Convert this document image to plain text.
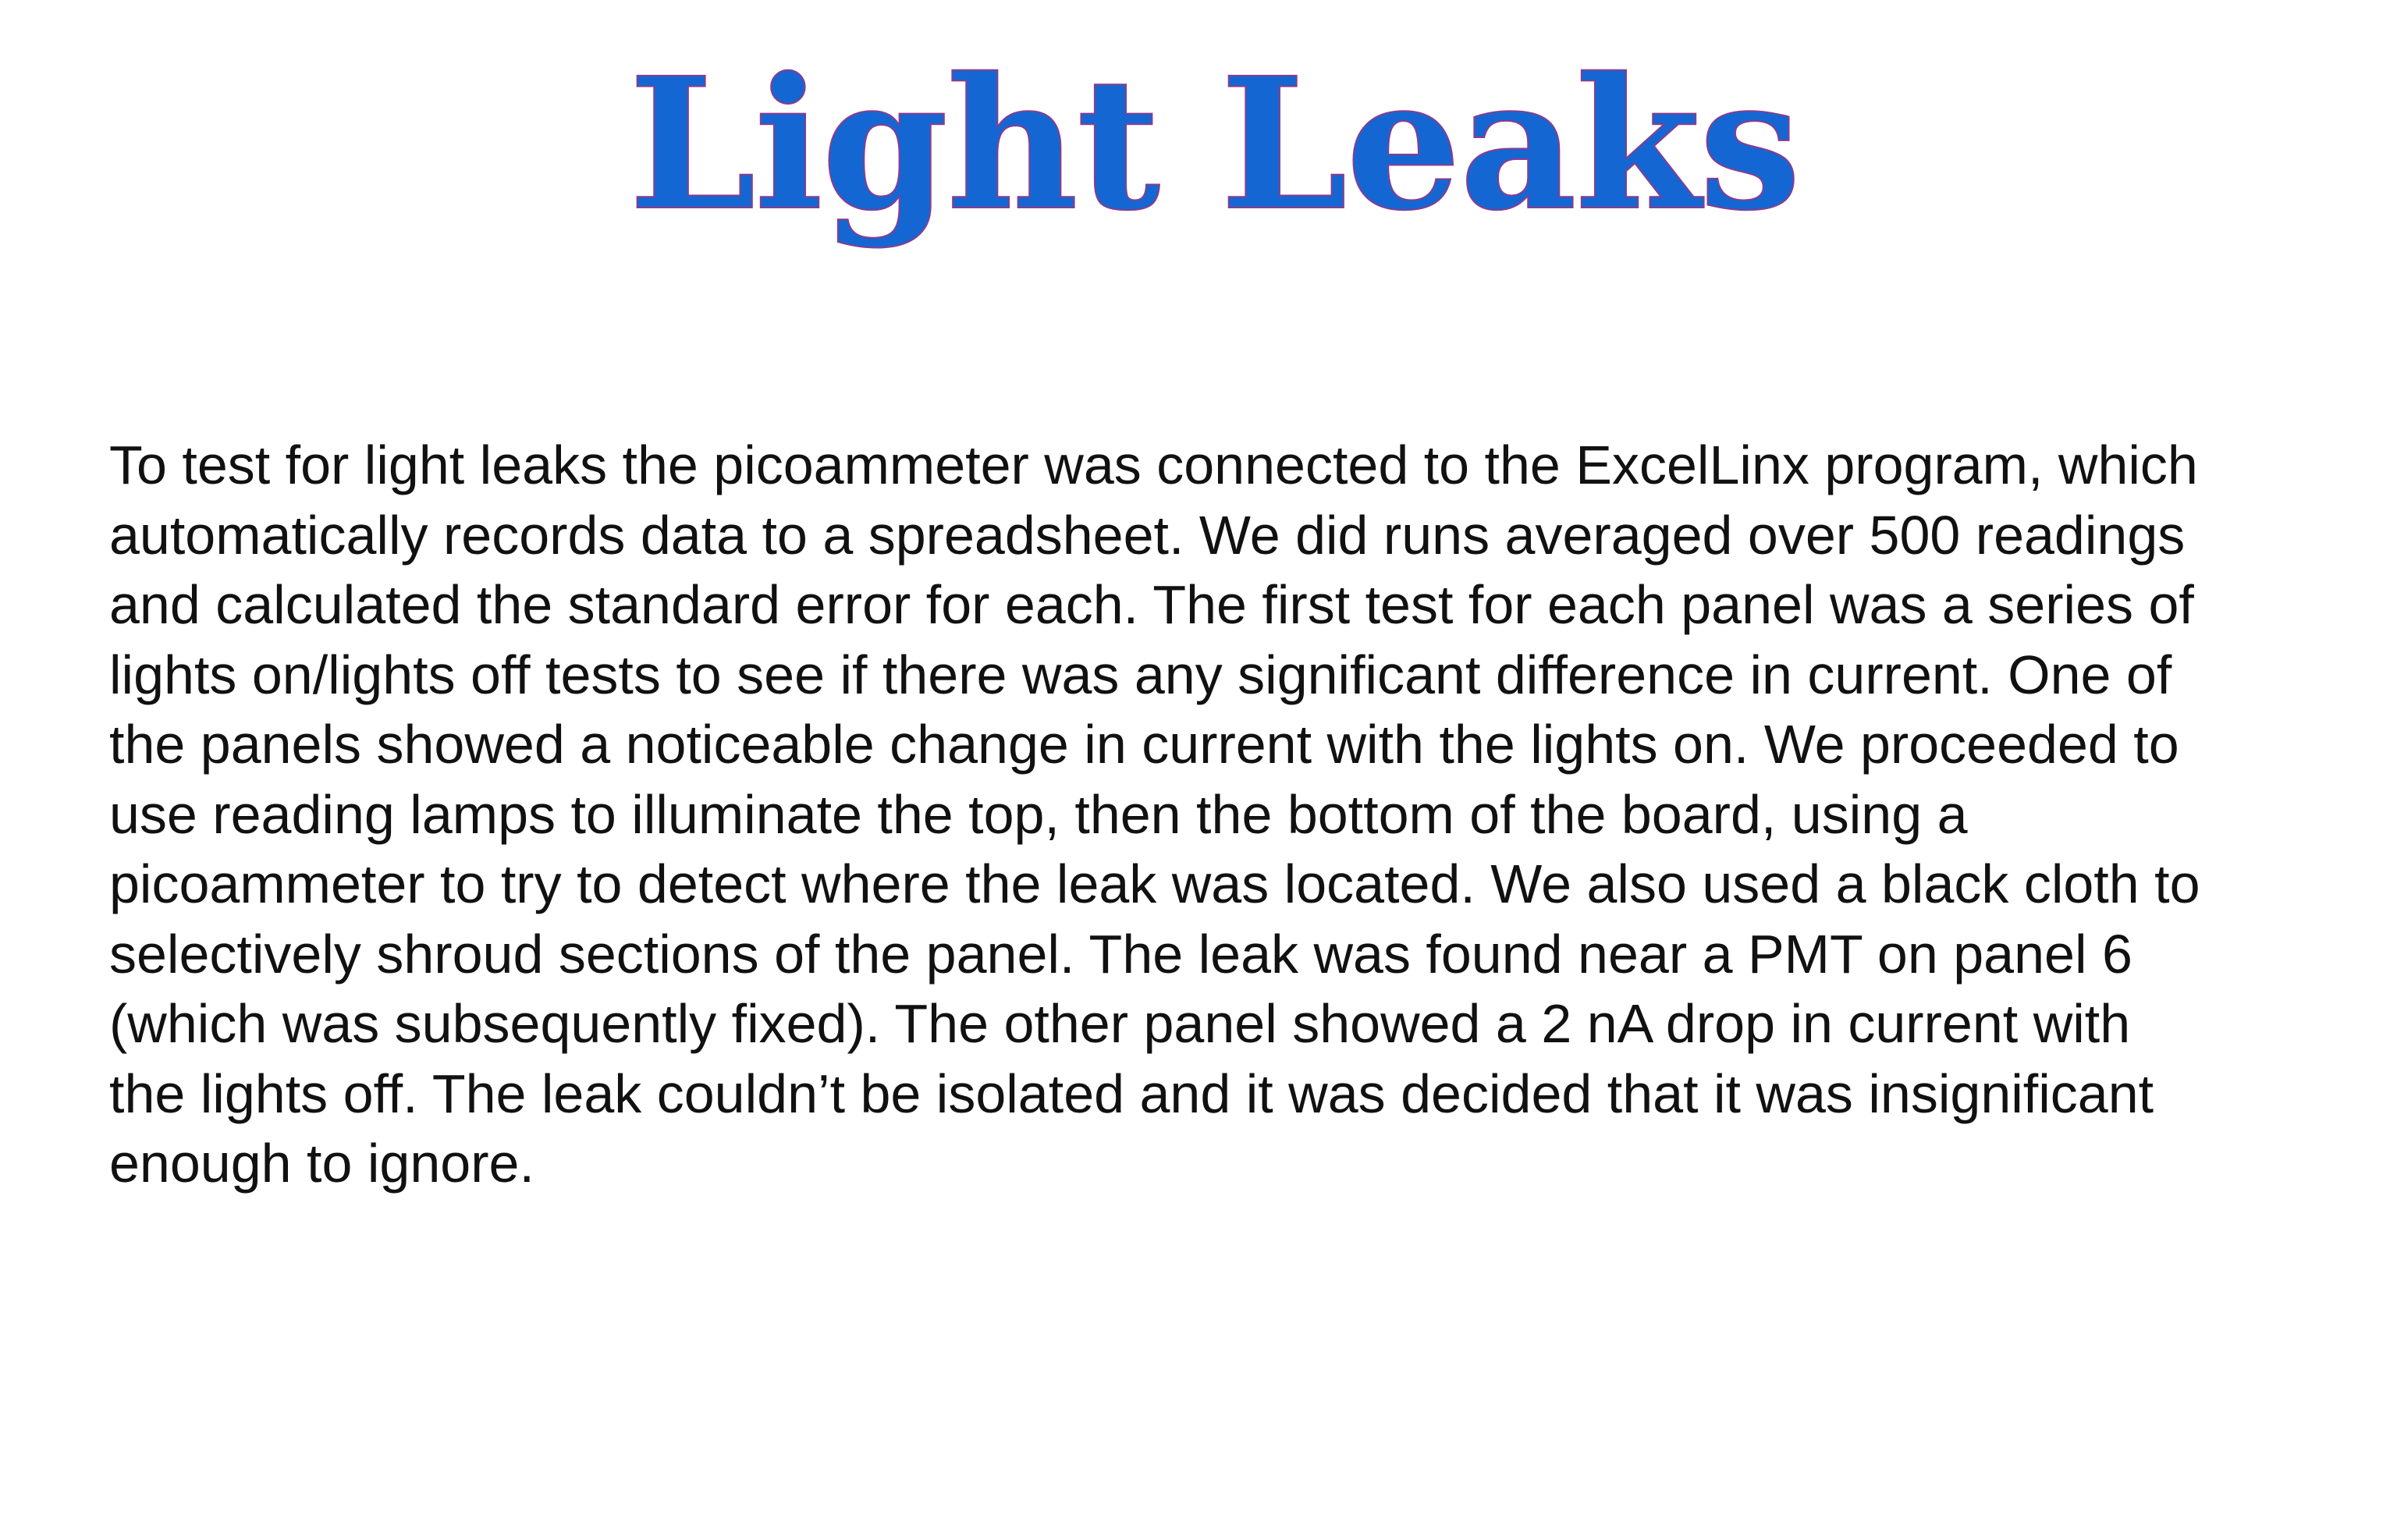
Light Leaks

To test for light leaks the picoammeter was connected to the ExcelLinx program, which
automatically records data to a spreadsheet. We did runs averaged over 500 readings
and calculated the standard error for each. The first test for each panel was a series of
lights on/lights off tests to see if there was any significant difference in current. One of
the panels showed a noticeable change in current with the lights on. We proceeded to
use reading lamps to illuminate the top, then the bottom of the board, using a
picoammeter to try to detect where the leak was located. We also used a black cloth to
selectively shroud sections of the panel. The leak was found near a PMT on panel 6
(which was subsequently fixed). The other panel showed a 2 nA drop in current with
the lights off. The leak couldn’t be isolated and it was decided that it was insignificant
enough to ignore.
